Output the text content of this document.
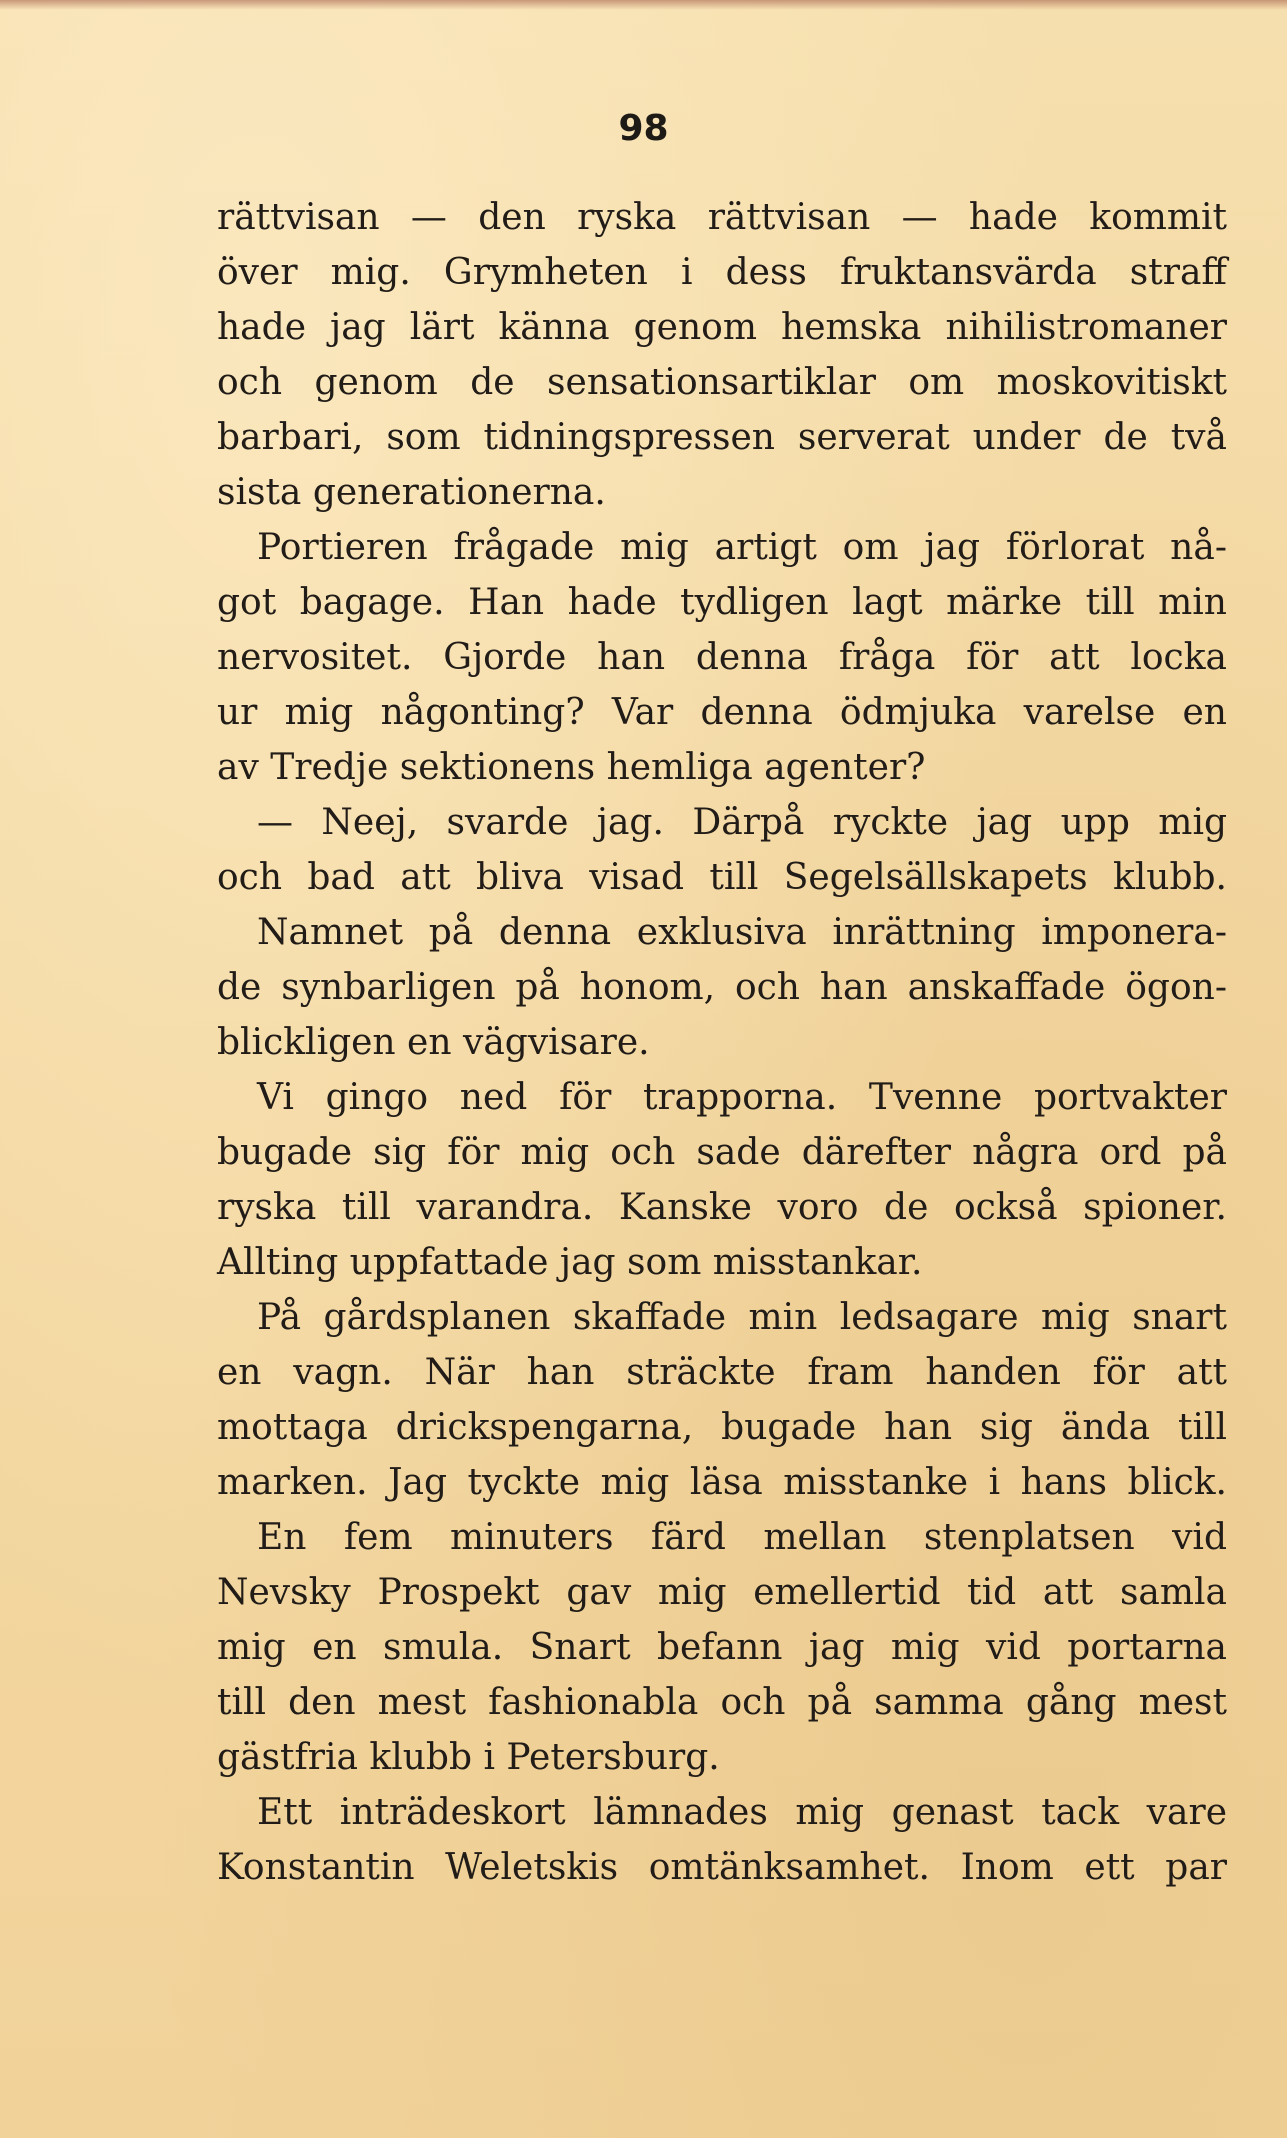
98
rättvisan — den ryska rättvisan — hade kommit
över mig. Grymheten i dess fruktansvärda straff
hade jag lärt känna genom hemska nihilistromaner
och genom de sensationsartiklar om moskovitiskt
barbari, som tidningspressen serverat under de två
sista generationerna.
Portieren frågade mig artigt om jag förlorat nå-
got bagage. Han hade tydligen lagt märke till min
nervositet. Gjorde han denna fråga för att locka
ur mig någonting? Var denna ödmjuka varelse en
av Tredje sektionens hemliga agenter?
— Neej, svarde jag. Därpå ryckte jag upp mig
och bad att bliva visad till Segelsällskapets klubb.
Namnet på denna exklusiva inrättning imponera-
de synbarligen på honom, och han anskaffade ögon-
blickligen en vägvisare.
Vi gingo ned för trapporna. Tvenne portvakter
bugade sig för mig och sade därefter några ord på
ryska till varandra. Kanske voro de också spioner.
Allting uppfattade jag som misstankar.
På gårdsplanen skaffade min ledsagare mig snart
en vagn. När han sträckte fram handen för att
mottaga drickspengarna, bugade han sig ända till
marken. Jag tyckte mig läsa misstanke i hans blick.
En fem minuters färd mellan stenplatsen vid
Nevsky Prospekt gav mig emellertid tid att samla
mig en smula. Snart befann jag mig vid portarna
till den mest fashionabla och på samma gång mest
gästfria klubb i Petersburg.
Ett inträdeskort lämnades mig genast tack vare
Konstantin Weletskis omtänksamhet. Inom ett par
